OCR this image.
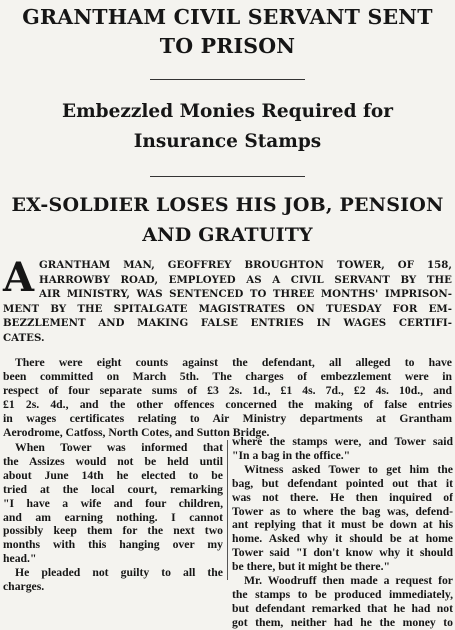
GRANTHAM CIVIL SERVANT SENT
TO PRISON
Embezzled Monies Required for
Insurance Stamps
EX-SOLDIER LOSES HIS JOB, PENSION
AND GRATUITY
A GRANTHAM MAN, GEOFFREY BROUGHTON TOWER, OF 158,
HARROWBY ROAD, EMPLOYED AS A CIVIL SERVANT BY THE
AIR MINISTRY, WAS SENTENCED TO THREE MONTHS' IMPRISON-
MENT BY THE SPITALGATE MAGISTRATES ON TUESDAY FOR EM-
BEZZLEMENT AND MAKING FALSE ENTRIES IN WAGES CERTIFI-
CATES.
There were eight counts against the defendant, all alleged to have
been committed on March 5th. The charges of embezzlement were in
respect of four separate sums of £3 2s. 1d., £1 4s. 7d., £2 4s. 10d., and
£1 2s. 4d., and the other offences concerned the making of false entries
in wages certificates relating to Air Ministry departments at Grantham
Aerodrome, Catfoss, North Cotes, and Sutton Bridge.
When Tower was informed that
the Assizes would not be held until
about June 14th he elected to be
tried at the local court, remarking
"I have a wife and four children,
and am earning nothing. I cannot
possibly keep them for the next two
months with this hanging over my
head."
He pleaded not guilty to all the
charges.
where the stamps were, and Tower said
"In a bag in the office."
Witness asked Tower to get him the
bag, but defendant pointed out that it
was not there. He then inquired of
Tower as to where the bag was, defend-
ant replying that it must be down at his
home. Asked why it should be at home
Tower said "I don't know why it should
be there, but it might be there."
Mr. Woodruff then made a request for
the stamps to be produced immediately,
but defendant remarked that he had not
got them, neither had he the money to
